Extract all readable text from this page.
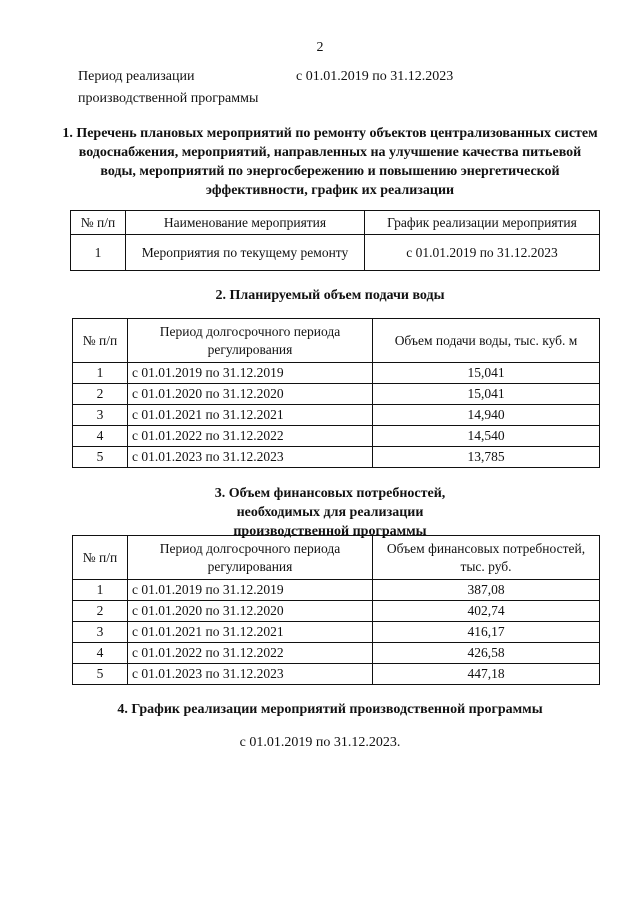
2
Период реализации производственной программы
с 01.01.2019 по 31.12.2023
1. Перечень плановых мероприятий по ремонту объектов централизованных систем водоснабжения, мероприятий, направленных на улучшение качества питьевой воды, мероприятий по энергосбережению и повышению энергетической эффективности, график их реализации
№ п/п	Наименование мероприятия	График реализации мероприятия
1	Мероприятия по текущему ремонту	с 01.01.2019 по 31.12.2023
2. Планируемый объем подачи воды
№ п/п	Период долгосрочного периода регулирования	Объем подачи воды, тыс. куб. м
1	с 01.01.2019 по 31.12.2019	15,041
2	с 01.01.2020 по 31.12.2020	15,041
3	с 01.01.2021 по 31.12.2021	14,940
4	с 01.01.2022 по 31.12.2022	14,540
5	с 01.01.2023 по 31.12.2023	13,785
3. Объем финансовых потребностей, необходимых для реализации производственной программы
№ п/п	Период долгосрочного периода регулирования	Объем финансовых потребностей, тыс. руб.
1	с 01.01.2019 по 31.12.2019	387,08
2	с 01.01.2020 по 31.12.2020	402,74
3	с 01.01.2021 по 31.12.2021	416,17
4	с 01.01.2022 по 31.12.2022	426,58
5	с 01.01.2023 по 31.12.2023	447,18
4. График реализации мероприятий производственной программы
с 01.01.2019 по 31.12.2023.
